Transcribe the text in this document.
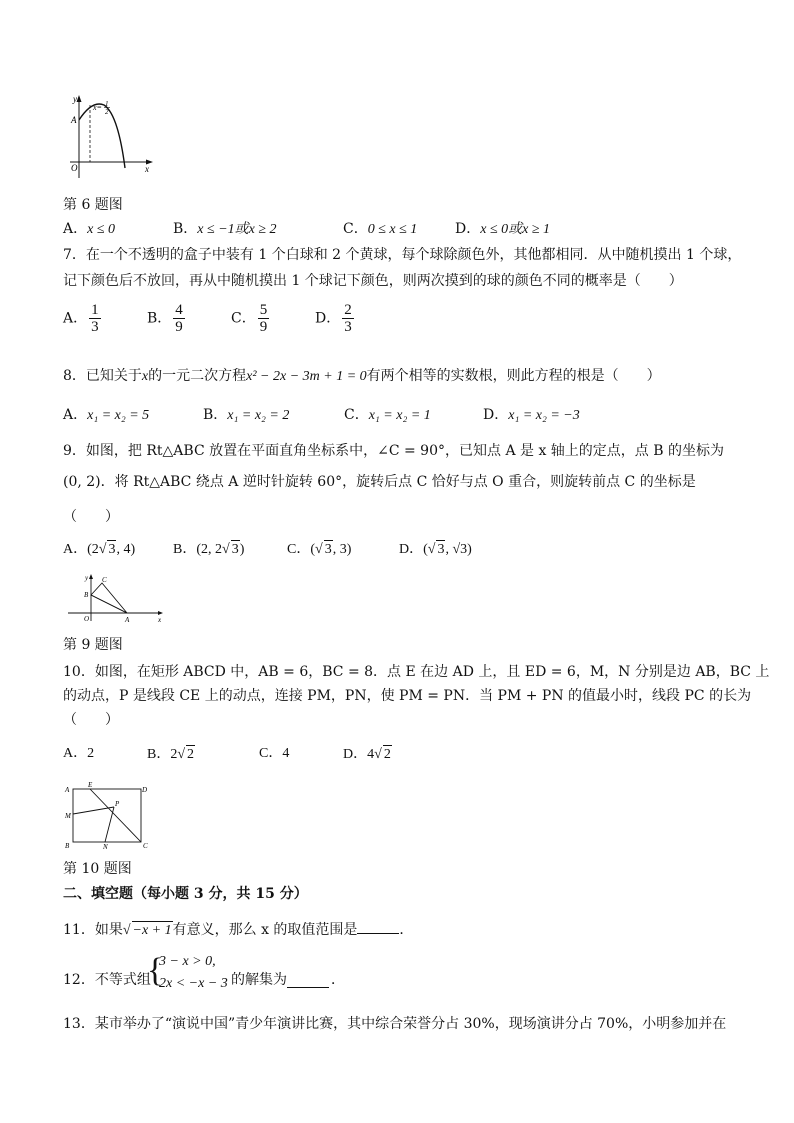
y
x
O
A
x= 1
2
第 6 题图
A．x ≤ 0	B．x ≤ −1或x ≥ 2	C．0 ≤ x ≤ 1	D．x ≤ 0或x ≥ 1
7．在一个不透明的盒子中装有 1 个白球和 2 个黄球，每个球除颜色外，其他都相同．从中随机摸出 1 个球，
记下颜色后不放回，再从中随机摸出 1 个球记下颜色，则两次摸到的球的颜色不同的概率是（　　）
A． $\frac{1}{3}$	B． $\frac{4}{9}$	C． $\frac{5}{9}$	D． $\frac{2}{3}$
8．已知关于x的一元二次方程x² − 2x − 3m + 1 = 0有两个相等的实数根，则此方程的根是（　　）
A．x₁ = x₂ = 5	B．x₁ = x₂ = 2	C．x₁ = x₂ = 1	D．x₁ = x₂ = −3
9．如图，把 Rt△ABC 放置在平面直角坐标系中，∠C = 90°，已知点 A 是 x 轴上的定点，点 B 的坐标为
(0, 2)．将 Rt△ABC 绕点 A 逆时针旋转 60°，旋转后点 C 恰好与点 O 重合，则旋转前点 C 的坐标是
（　　）
A．(2√ 3, 4)	B．(2, 2√ 3)	C．(√ 3, 3)	D．(√ 3, √3)
y
x
O	A
B
C
第 9 题图
10．如图，在矩形 ABCD 中，AB = 6，BC = 8．点 E 在边 AD 上，且 ED = 6，M，N 分别是边 AB，BC 上
的动点，P 是线段 CE 上的动点，连接 PM，PN，使 PM = PN．当 PM + PN 的值最小时，线段 PC 的长为
（　　）
A．2	B．2√ 2	C．4	D．4√ 2
A
B	C
D
E
M
N
P
第 10 题图
二、填空题（每小题 3 分，共 15 分）
11．如果√ −x + 1有意义，那么 x 的取值范围是	．
12．不等式组
{
3 − x > 0,
2x < −x − 3 的解集为	．
13．某市举办了“演说中国”青少年演讲比赛，其中综合荣誉分占 30%，现场演讲分占 70%，小明参加并在
